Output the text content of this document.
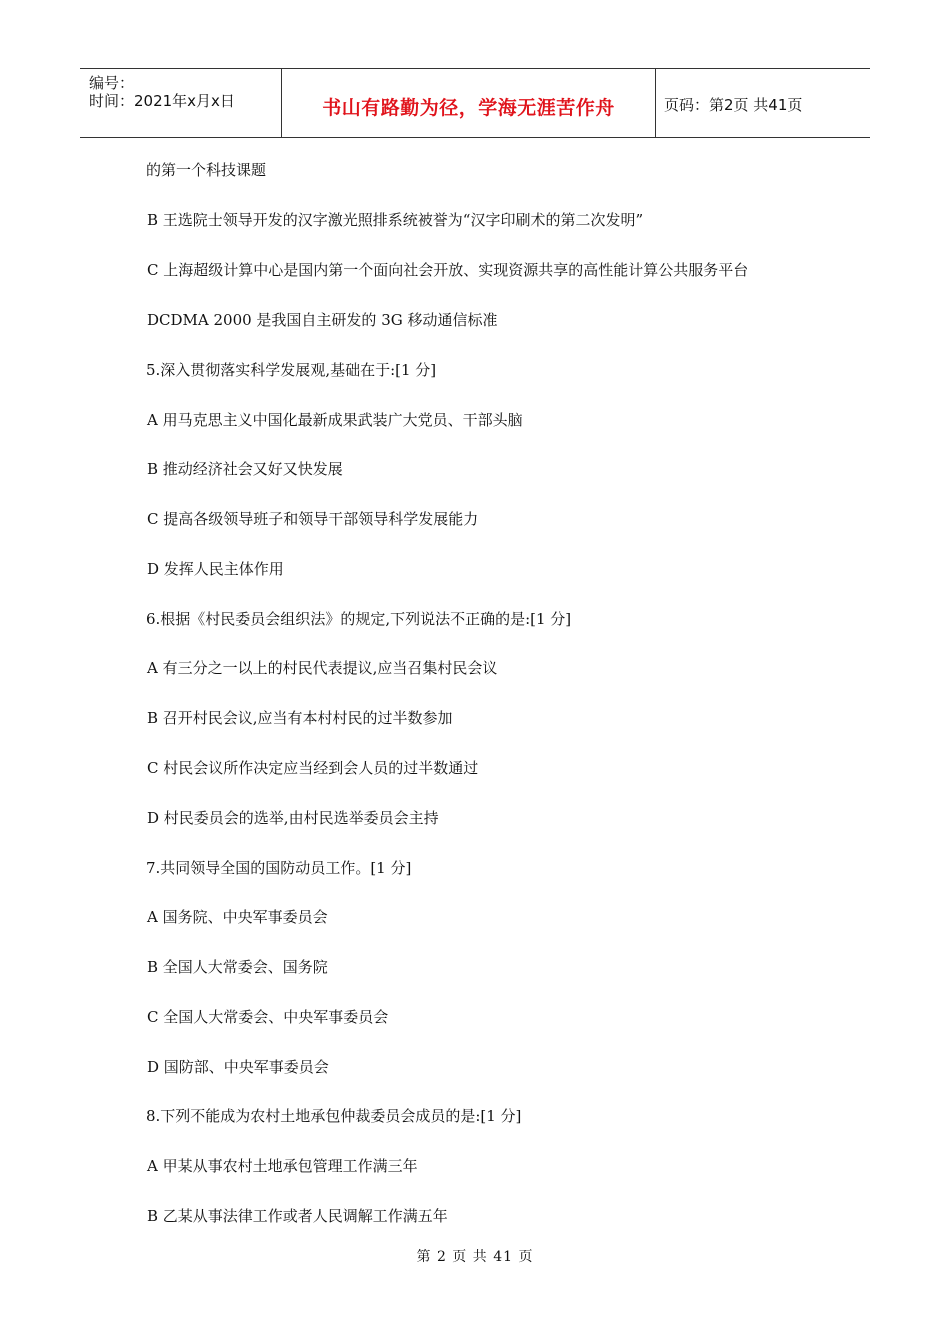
编号：
时间：2021年x月x日	书山有路勤为径，学海无涯苦作舟	页码：第2页 共41页
的第一个科技课题
B 王选院士领导开发的汉字激光照排系统被誉为“汉字印刷术的第二次发明”
C 上海超级计算中心是国内第一个面向社会开放、实现资源共享的高性能计算公共服务平台
DCDMA 2000 是我国自主研发的 3G 移动通信标准
5.深入贯彻落实科学发展观,基础在于:[1 分]
A 用马克思主义中国化最新成果武装广大党员、干部头脑
B 推动经济社会又好又快发展
C 提高各级领导班子和领导干部领导科学发展能力
D 发挥人民主体作用
6.根据《村民委员会组织法》的规定,下列说法不正确的是:[1 分]
A 有三分之一以上的村民代表提议,应当召集村民会议
B 召开村民会议,应当有本村村民的过半数参加
C 村民会议所作决定应当经到会人员的过半数通过
D 村民委员会的选举,由村民选举委员会主持
7.共同领导全国的国防动员工作。[1 分]
A 国务院、中央军事委员会
B 全国人大常委会、国务院
C 全国人大常委会、中央军事委员会
D 国防部、中央军事委员会
8.下列不能成为农村土地承包仲裁委员会成员的是:[1 分]
A 甲某从事农村土地承包管理工作满三年
B 乙某从事法律工作或者人民调解工作满五年
第 2 页 共 41 页
